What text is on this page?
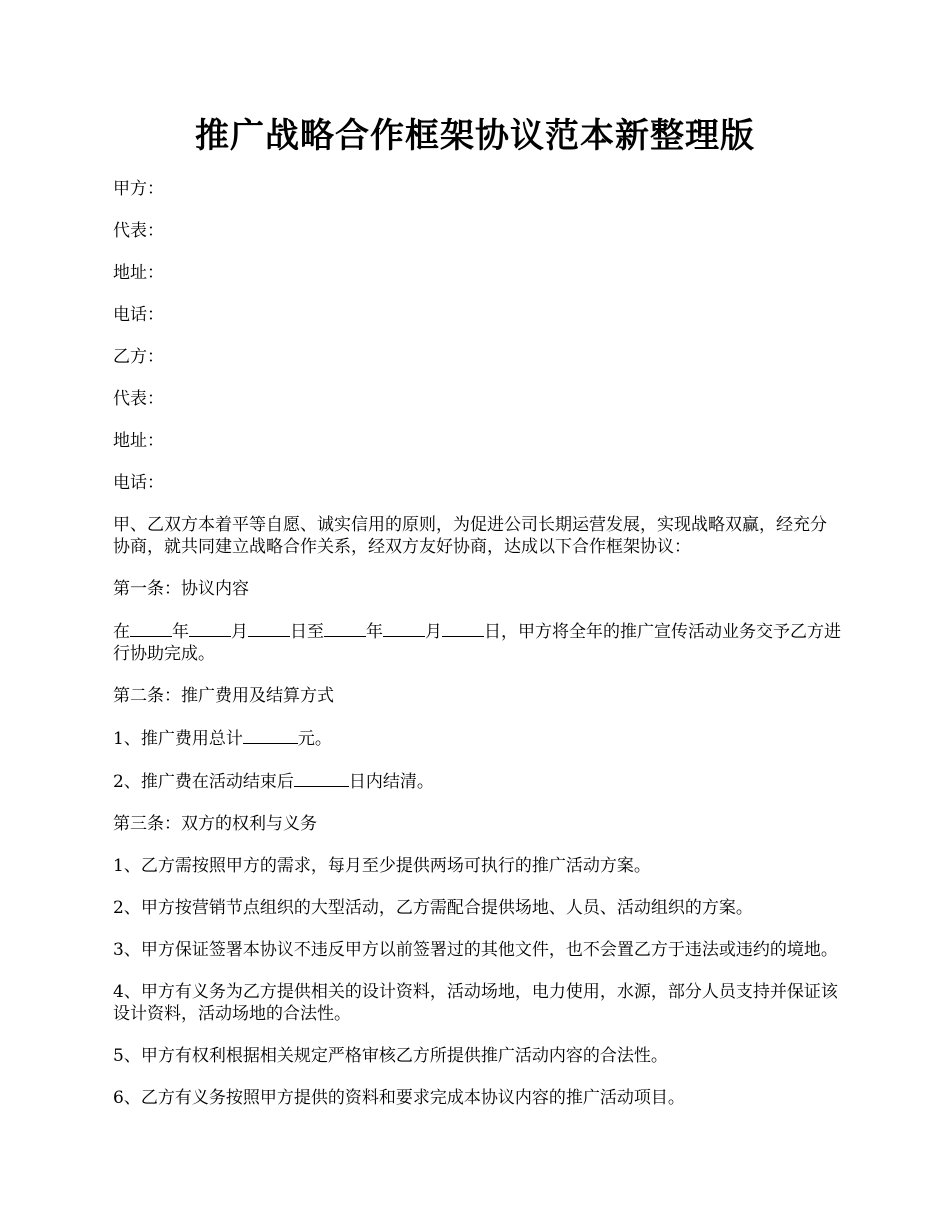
推广战略合作框架协议范本新整理版

甲方：

代表：

地址：

电话：

乙方：

代表：

地址：

电话：

甲、乙双方本着平等自愿、诚实信用的原则，为促进公司长期运营发展，实现战略双赢，经充分协商，就共同建立战略合作关系，经双方友好协商，达成以下合作框架协议：

第一条：协议内容

在 年 月 日至 年 月 日，甲方将全年的推广宣传活动业务交予乙方进行协助完成。

第二条：推广费用及结算方式

1、推广费用总计	元。

2、推广费在活动结束后	日内结清。

第三条：双方的权利与义务

1、乙方需按照甲方的需求，每月至少提供两场可执行的推广活动方案。

2、甲方按营销节点组织的大型活动，乙方需配合提供场地、人员、活动组织的方案。

3、甲方保证签署本协议不违反甲方以前签署过的其他文件，也不会置乙方于违法或违约的境地。

4、甲方有义务为乙方提供相关的设计资料，活动场地，电力使用，水源，部分人员支持并保证该设计资料，活动场地的合法性。

5、甲方有权利根据相关规定严格审核乙方所提供推广活动内容的合法性。

6、乙方有义务按照甲方提供的资料和要求完成本协议内容的推广活动项目。
